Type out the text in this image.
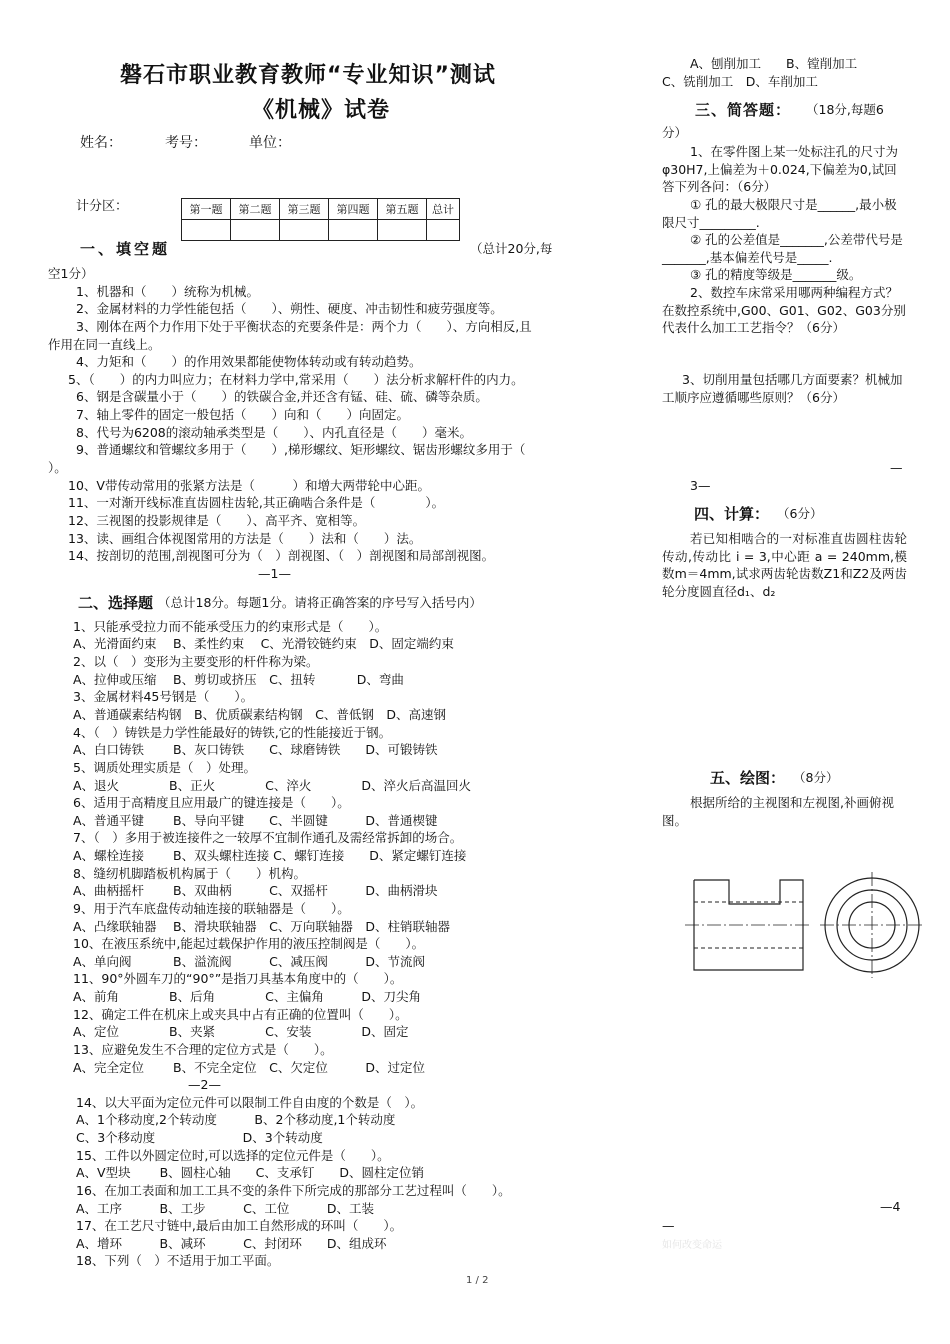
磐石市职业教育教师“专业知识”测试
《机械》试卷
姓名：	考号：	单位：
计分区：	第一题	第二题	第三题	第四题	第五题	总计

一、填空题	（总计20分,每
空1分）
1、机器和（　　）统称为机械。
2、金属材料的力学性能包括（　　）、朔性、硬度、冲击韧性和疲劳强度等。
3、刚体在两个力作用下处于平衡状态的充要条件是：两个力（　　）、方向相反,且
作用在同一直线上。
4、力矩和（　　）的作用效果都能使物体转动或有转动趋势。
5、（　　）的内力叫应力；在材料力学中,常采用（　　）法分析求解杆件的内力。
6、钢是含碳量小于（　　）的铁碳合金,并还含有锰、硅、硫、磷等杂质。
7、轴上零件的固定一般包括（　　）向和（　　）向固定。
8、代号为6208的滚动轴承类型是（　　）、内孔直径是（　　）毫米。
9、普通螺纹和管螺纹多用于（　　）,梯形螺纹、矩形螺纹、锯齿形螺纹多用于（
）。
10、V带传动常用的张紧方法是（　　　）和增大两带轮中心距。
11、一对渐开线标准直齿圆柱齿轮,其正确啮合条件是（　　　　）。
12、三视图的投影规律是（　　）、高平齐、宽相等。
13、读、画组合体视图常用的方法是（　　）法和（　　）法。
14、按剖切的范围,剖视图可分为（　）剖视图、（　）剖视图和局部剖视图。
—1—
二、选择题 （总计18分。每题1分。请将正确答案的序号写入括号内）
1、只能承受拉力而不能承受压力的约束形式是（　　）。
A、光滑面约束　 B、柔性约束　 C、光滑铰链约束　D、固定端约束
2、以（　）变形为主要变形的杆件称为梁。
A、拉伸或压缩　 B、剪切或挤压　C、扭转　　　 D、弯曲
3、金属材料45号钢是（　　）。
A、普通碳素结构钢　B、优质碳素结构钢　C、普低钢　D、高速钢
4、（　）铸铁是力学性能最好的铸铁,它的性能接近于钢。
A、白口铸铁　　 B、灰口铸铁　　C、球磨铸铁　　D、可锻铸铁
5、调质处理实质是（　）处理。
A、退火　　　　B、正火　　　　C、淬火　　　　D、淬火后高温回火
6、适用于高精度且应用最广的键连接是（　　）。
A、普通平键　　 B、导向平键　　C、半圆键　　　D、普通楔键
7、（　）多用于被连接件之一较厚不宜制作通孔及需经常拆卸的场合。
A、螺栓连接　　 B、双头螺柱连接 C、螺钉连接　　D、紧定螺钉连接
8、缝纫机脚踏板机构属于（　　）机构。
A、曲柄摇杆　　 B、双曲柄　　　C、双摇杆　　　D、曲柄滑块
9、用于汽车底盘传动轴连接的联轴器是（　　）。
A、凸缘联轴器　 B、滑块联轴器　C、万向联轴器　D、柱销联轴器
10、在液压系统中,能起过载保护作用的液压控制阀是（　　）。
A、单向阀　　　 B、溢流阀　　　C、减压阀　　　D、节流阀
11、90°外圆车刀的“90°”是指刀具基本角度中的（　　）。
A、前角　　　　B、后角　　　　C、主偏角　　　D、刀尖角
12、确定工件在机床上或夹具中占有正确的位置叫（　　）。
A、定位　　　　B、夹紧　　　　C、安装　　　　D、固定
13、应避免发生不合理的定位方式是（　　）。
A、完全定位　　 B、不完全定位　C、欠定位　　　D、过定位
—2—
14、以大平面为定位元件可以限制工件自由度的个数是（　）。
A、1个移动度,2个转动度　　　B、2个移动度,1个转动度
C、3个移动度　　　　　　　D、3个转动度
15、工件以外圆定位时,可以选择的定位元件是（　　）。
A、V型块　　 B、圆柱心轴　　C、支承钉　　D、圆柱定位销
16、在加工表面和加工工具不变的条件下所完成的那部分工艺过程叫（　　）。
A、工序　　　B、工步　　　C、工位　　　D、工装
17、在工艺尺寸链中,最后由加工自然形成的环叫（　　）。
A、增环　　　B、减环　　　C、封闭环　　D、组成环
18、下列（　）不适用于加工平面。
A、刨削加工　　B、镗削加工
C、铣削加工　D、车削加工
三、简答题： （18分,每题6
分）
1、在零件图上某一处标注孔的尺寸为φ30H7,上偏差为＋0.024,下偏差为0,试回答下列各问：（6分）
① 孔的最大极限尺寸是______,最小极限尺寸_________.
② 孔的公差值是_______,公差带代号是_______,基本偏差代号是_____.
③ 孔的精度等级是_______级。
2、数控车床常采用哪两种编程方式？在数控系统中,G00、G01、G02、G03分别代表什么加工工艺指令？（6分）
3、切削用量包括哪几方面要素？机械加工顺序应遵循哪些原则？（6分）
—
3—
四、计算： （6分）
若已知相啮合的一对标准直齿圆柱齿轮传动,传动比 i = 3,中心距 a = 240mm,模数m＝4mm,试求两齿轮齿数Z1和Z2及两齿轮分度圆直径d₁、d₂
五、绘图： （8分）
根据所给的主视图和左视图,补画俯视图。
—4
—
如何改变命运
1 / 2
